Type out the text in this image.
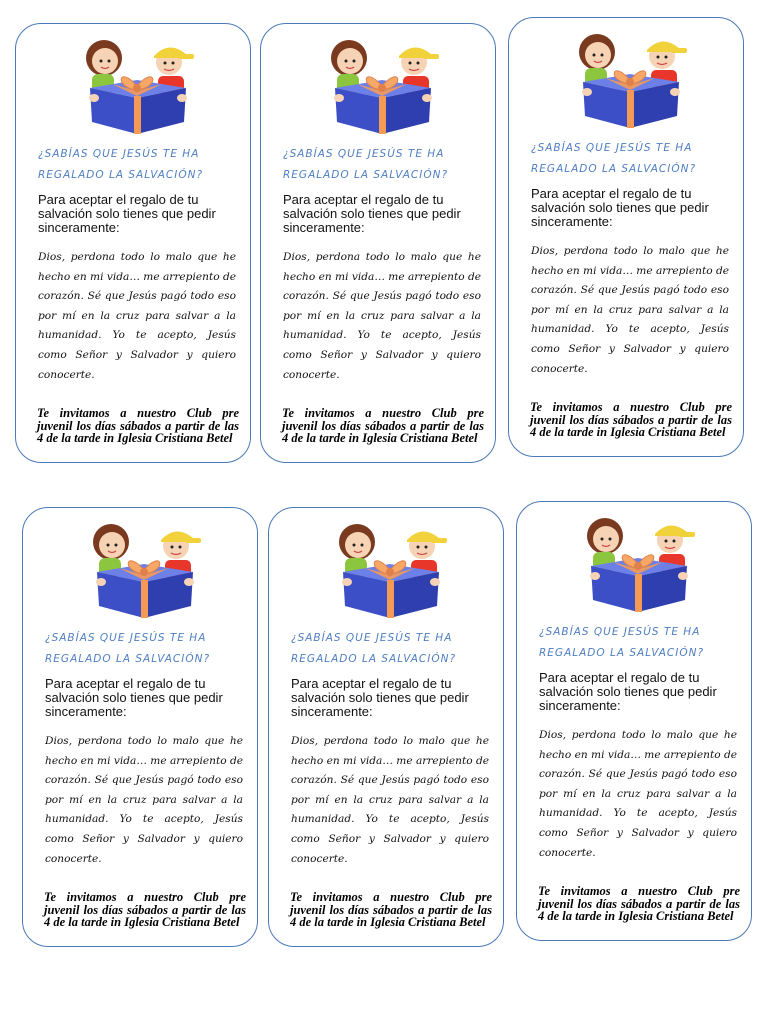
¿SABÍAS QUE JESÚS TE HA REGALADO LA SALVACIÓN?
Para aceptar el regalo de tu salvación solo tienes que pedir sinceramente:
Dios, perdona todo lo malo que he hecho en mi vida… me arrepiento de corazón. Sé que Jesús pagó todo eso por mí en la cruz para salvar a la humanidad. Yo te acepto, Jesús como Señor y Salvador y quiero conocerte.
Te invitamos a nuestro Club pre juvenil los días sábados a partir de las 4 de la tarde in Iglesia Cristiana Betel
¿SABÍAS QUE JESÚS TE HA REGALADO LA SALVACIÓN?
Para aceptar el regalo de tu salvación solo tienes que pedir sinceramente:
Dios, perdona todo lo malo que he hecho en mi vida… me arrepiento de corazón. Sé que Jesús pagó todo eso por mí en la cruz para salvar a la humanidad. Yo te acepto, Jesús como Señor y Salvador y quiero conocerte.
Te invitamos a nuestro Club pre juvenil los días sábados a partir de las 4 de la tarde in Iglesia Cristiana Betel
¿SABÍAS QUE JESÚS TE HA REGALADO LA SALVACIÓN?
Para aceptar el regalo de tu salvación solo tienes que pedir sinceramente:
Dios, perdona todo lo malo que he hecho en mi vida… me arrepiento de corazón. Sé que Jesús pagó todo eso por mí en la cruz para salvar a la humanidad. Yo te acepto, Jesús como Señor y Salvador y quiero conocerte.
Te invitamos a nuestro Club pre juvenil los días sábados a partir de las 4 de la tarde in Iglesia Cristiana Betel
¿SABÍAS QUE JESÚS TE HA REGALADO LA SALVACIÓN?
Para aceptar el regalo de tu salvación solo tienes que pedir sinceramente:
Dios, perdona todo lo malo que he hecho en mi vida… me arrepiento de corazón. Sé que Jesús pagó todo eso por mí en la cruz para salvar a la humanidad. Yo te acepto, Jesús como Señor y Salvador y quiero conocerte.
Te invitamos a nuestro Club pre juvenil los días sábados a partir de las 4 de la tarde in Iglesia Cristiana Betel
¿SABÍAS QUE JESÚS TE HA REGALADO LA SALVACIÓN?
Para aceptar el regalo de tu salvación solo tienes que pedir sinceramente:
Dios, perdona todo lo malo que he hecho en mi vida… me arrepiento de corazón. Sé que Jesús pagó todo eso por mí en la cruz para salvar a la humanidad. Yo te acepto, Jesús como Señor y Salvador y quiero conocerte.
Te invitamos a nuestro Club pre juvenil los días sábados a partir de las 4 de la tarde in Iglesia Cristiana Betel
¿SABÍAS QUE JESÚS TE HA REGALADO LA SALVACIÓN?
Para aceptar el regalo de tu salvación solo tienes que pedir sinceramente:
Dios, perdona todo lo malo que he hecho en mi vida… me arrepiento de corazón. Sé que Jesús pagó todo eso por mí en la cruz para salvar a la humanidad. Yo te acepto, Jesús como Señor y Salvador y quiero conocerte.
Te invitamos a nuestro Club pre juvenil los días sábados a partir de las 4 de la tarde in Iglesia Cristiana Betel
